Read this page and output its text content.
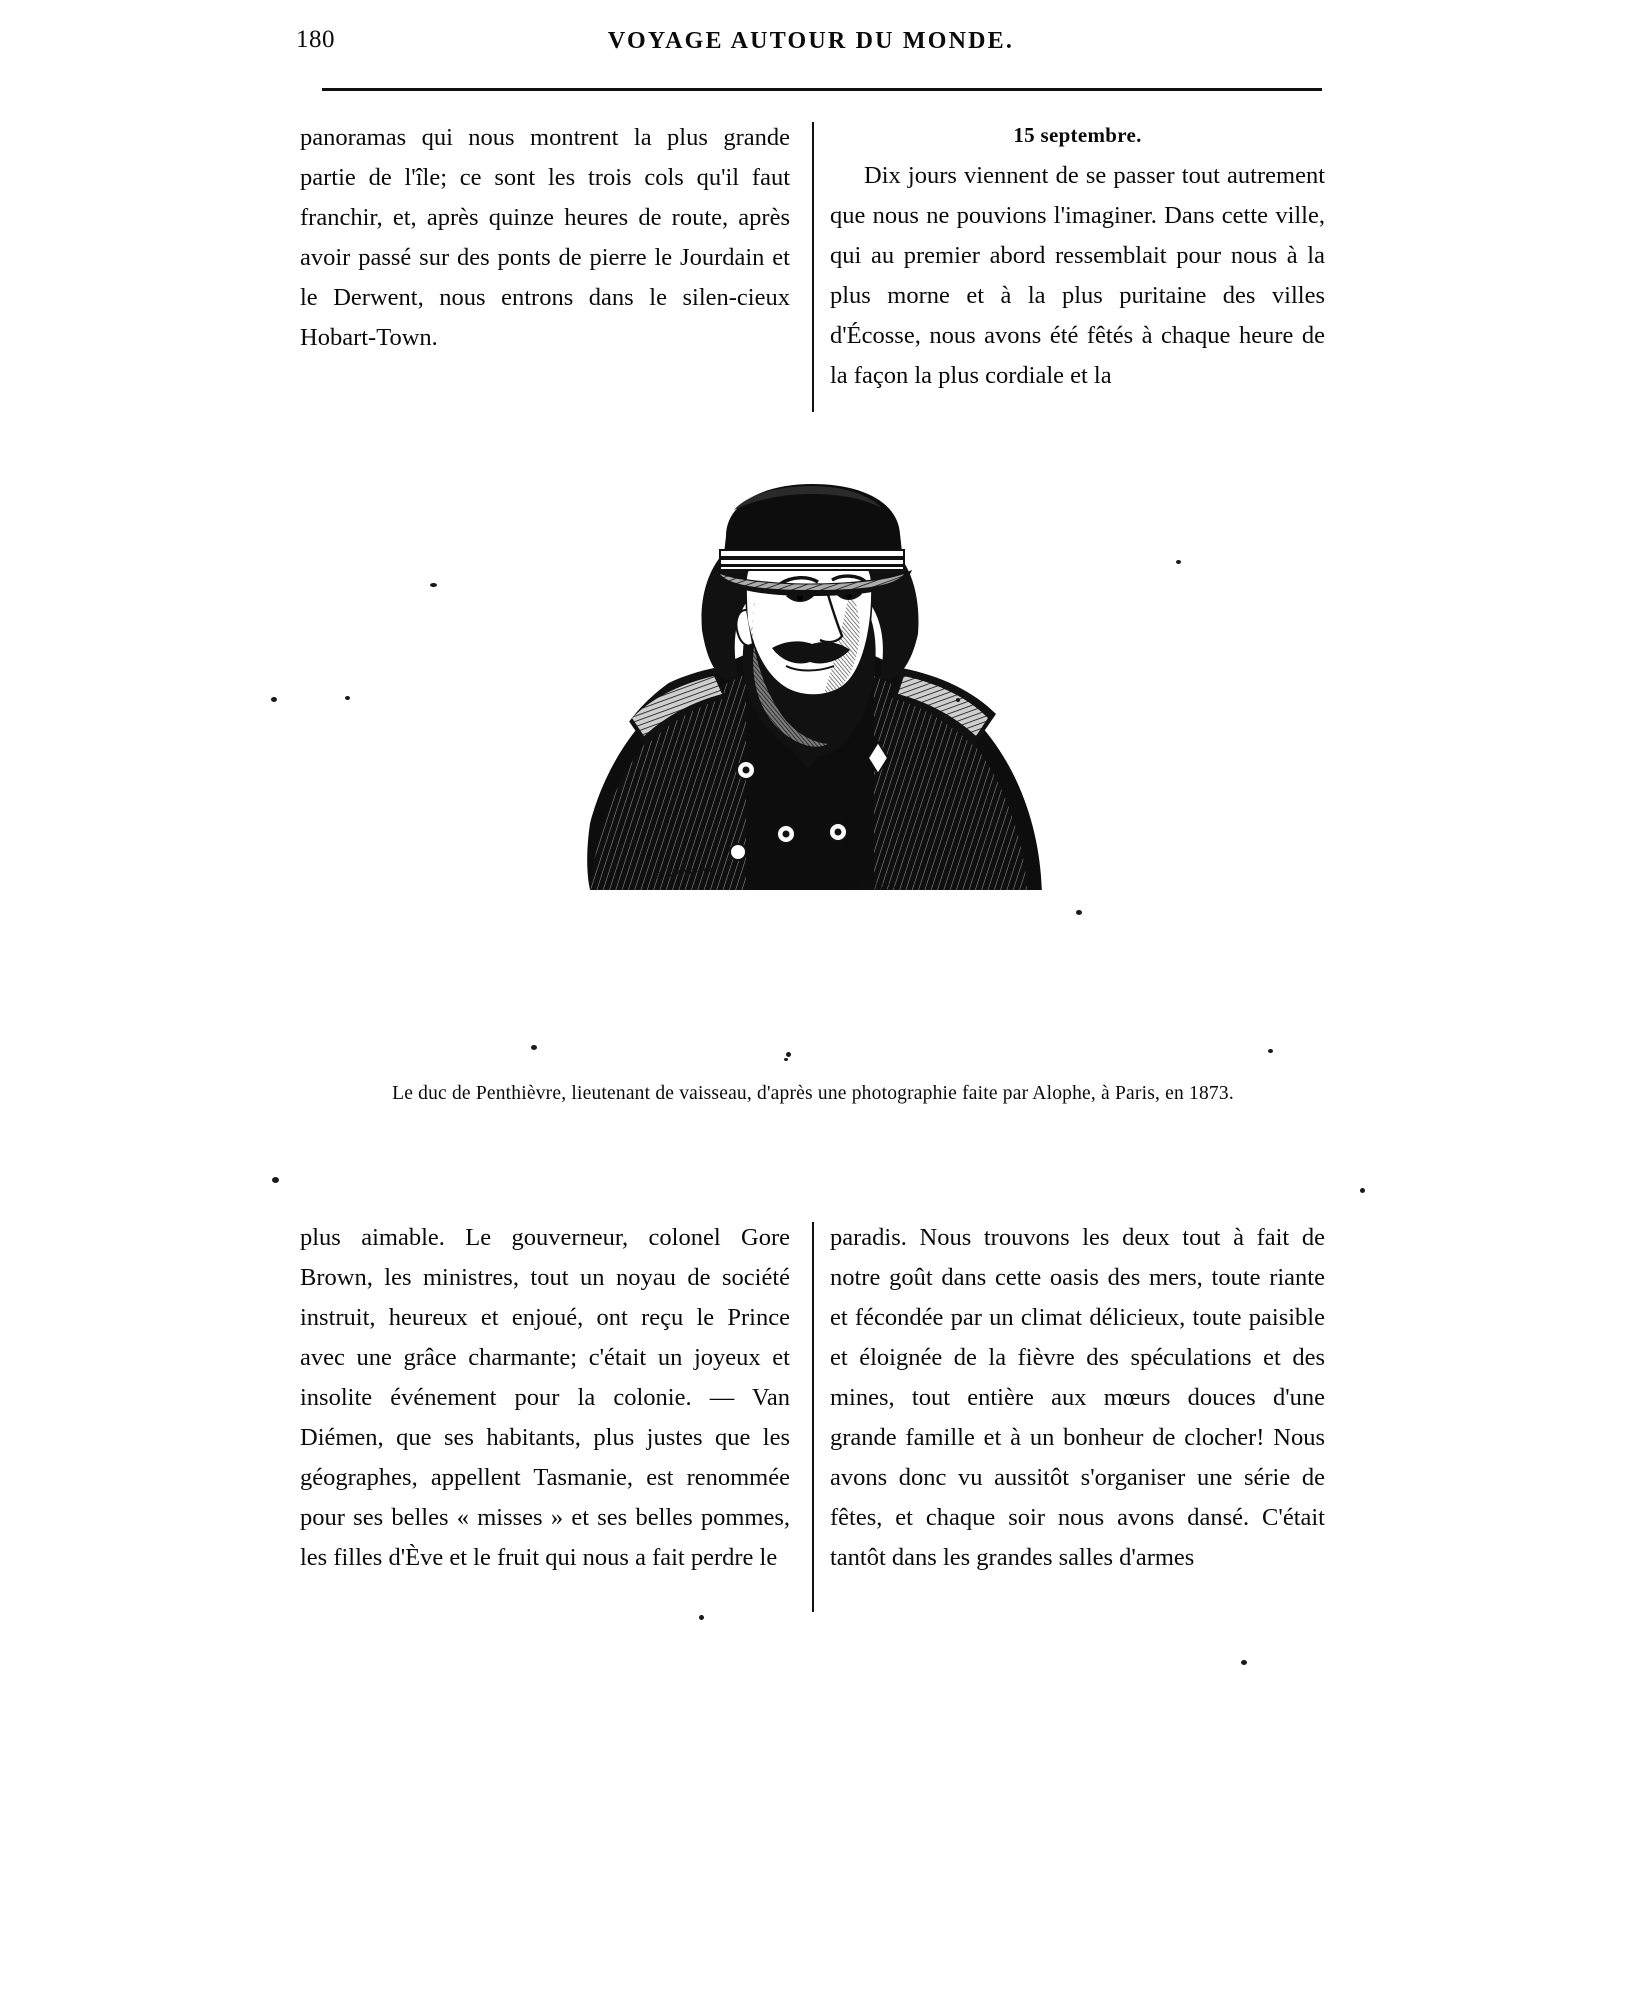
180	VOYAGE AUTOUR DU MONDE.

panoramas qui nous montrent la plus grande partie de l'île; ce sont les trois cols qu'il faut franchir, et, après quinze heures de route, après avoir passé sur des ponts de pierre le Jourdain et le Derwent, nous entrons dans le silen-cieux Hobart-Town.

15 septembre.

Dix jours viennent de se passer tout autrement que nous ne pouvions l'imaginer. Dans cette ville, qui au premier abord ressemblait pour nous à la plus morne et à la plus puritaine des villes d'Écosse, nous avons été fêtés à chaque heure de la façon la plus cordiale et la

G. STOFFY SC.
L. BRETON
Le duc de Penthièvre, lieutenant de vaisseau, d'après une photographie faite par Alophe, à Paris, en 1873.

plus aimable. Le gouverneur, colonel Gore Brown, les ministres, tout un noyau de société instruit, heureux et enjoué, ont reçu le Prince avec une grâce charmante; c'était un joyeux et insolite événement pour la colonie. — Van Diémen, que ses habitants, plus justes que les géographes, appellent Tasmanie, est renommée pour ses belles « misses » et ses belles pommes, les filles d'Ève et le fruit qui nous a fait perdre le

paradis. Nous trouvons les deux tout à fait de notre goût dans cette oasis des mers, toute riante et fécondée par un climat délicieux, toute paisible et éloignée de la fièvre des spéculations et des mines, tout entière aux mœurs douces d'une grande famille et à un bonheur de clocher! Nous avons donc vu aussitôt s'organiser une série de fêtes, et chaque soir nous avons dansé. C'était tantôt dans les grandes salles d'armes
